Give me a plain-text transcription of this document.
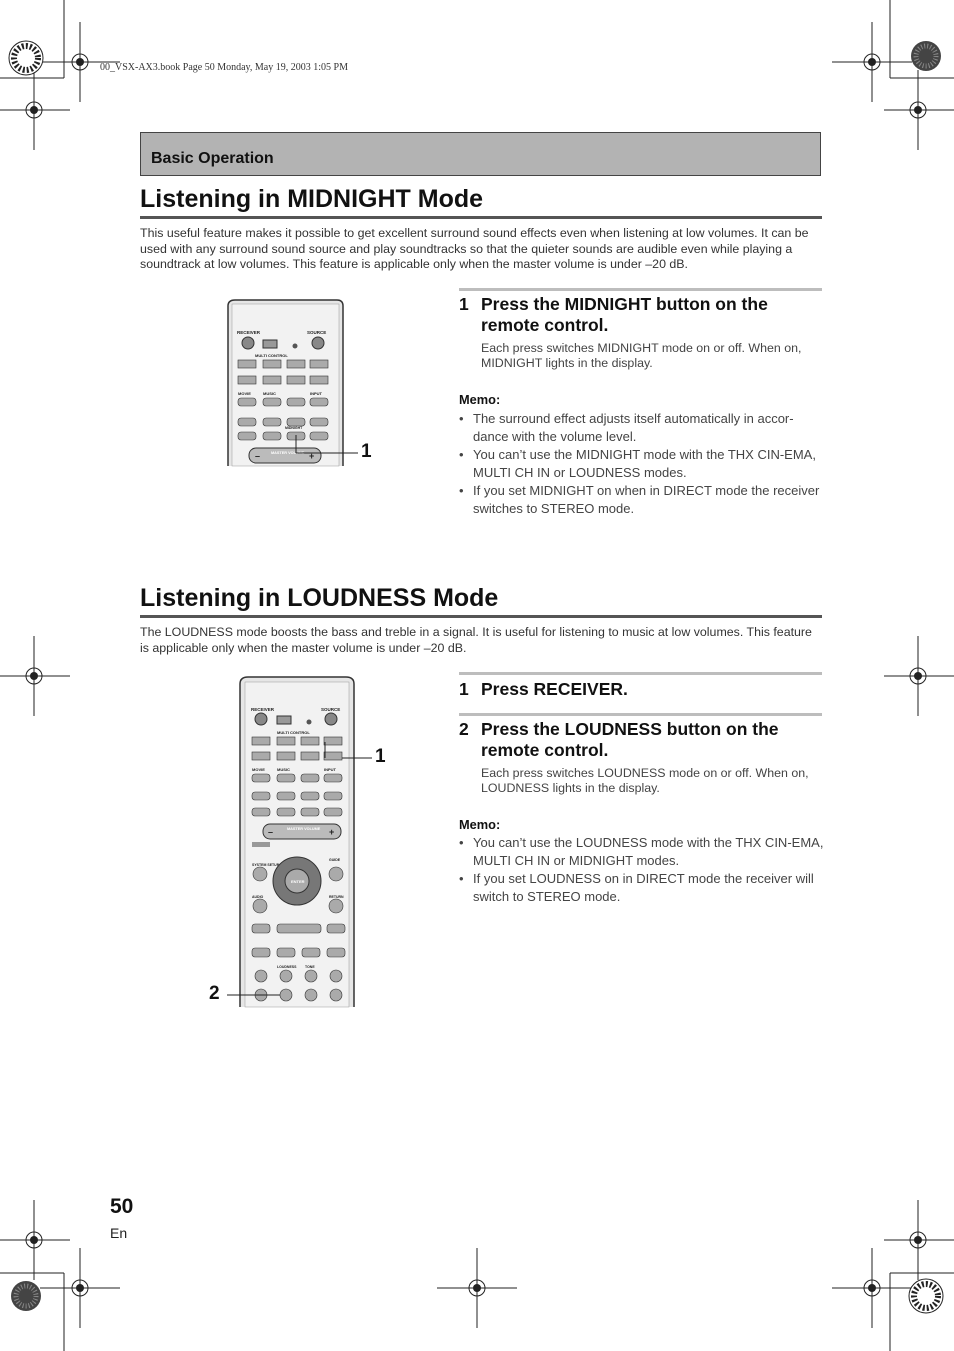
00_VSX-AX3.book Page 50 Monday, May 19, 2003 1:05 PM
Basic Operation
Listening in MIDNIGHT Mode
This useful feature makes it possible to get excellent surround sound effects even when listening at low volumes. It can be used with any surround sound source and play soundtracks so that the quieter sounds are audible even while playing a soundtrack at low volumes. This feature is applicable only when the master volume is under –20 dB.
RECEIVER	SOURCE
MULTI CONTROL
MOVIE	MUSIC	INPUT
MIDNIGHT
–	+
MASTER VOLUME	1
1 Press the MIDNIGHT button on the remote control.
Each press switches MIDNIGHT mode on or off. When on, MIDNIGHT lights in the display.
Memo:
• The surround effect adjusts itself automatically in accor-dance with the volume level.
• You can’t use the MIDNIGHT mode with the THX CIN-EMA, MULTI CH IN or LOUDNESS modes.
• If you set MIDNIGHT on when in DIRECT mode the receiver switches to STEREO mode.
Listening in LOUDNESS Mode
The LOUDNESS mode boosts the bass and treble in a signal. It is useful for listening to music at low volumes. This feature is applicable only when the master volume is under –20 dB.
RECEIVER	SOURCE
MULTI CONTROL
MOVIE	MUSIC	INPUT
–	+
MASTER VOLUME
ENTER
SYSTEM SETUP
GUIDE
AUDIO	RETURN
LOUDNESS TONE
1
2
1 Press RECEIVER.
2 Press the LOUDNESS button on the remote control.
Each press switches LOUDNESS mode on or off. When on, LOUDNESS lights in the display.
Memo:
• You can’t use the LOUDNESS mode with the THX CIN-EMA, MULTI CH IN or MIDNIGHT modes.
• If you set LOUDNESS on in DIRECT mode the receiver will switch to STEREO mode.
50
En
